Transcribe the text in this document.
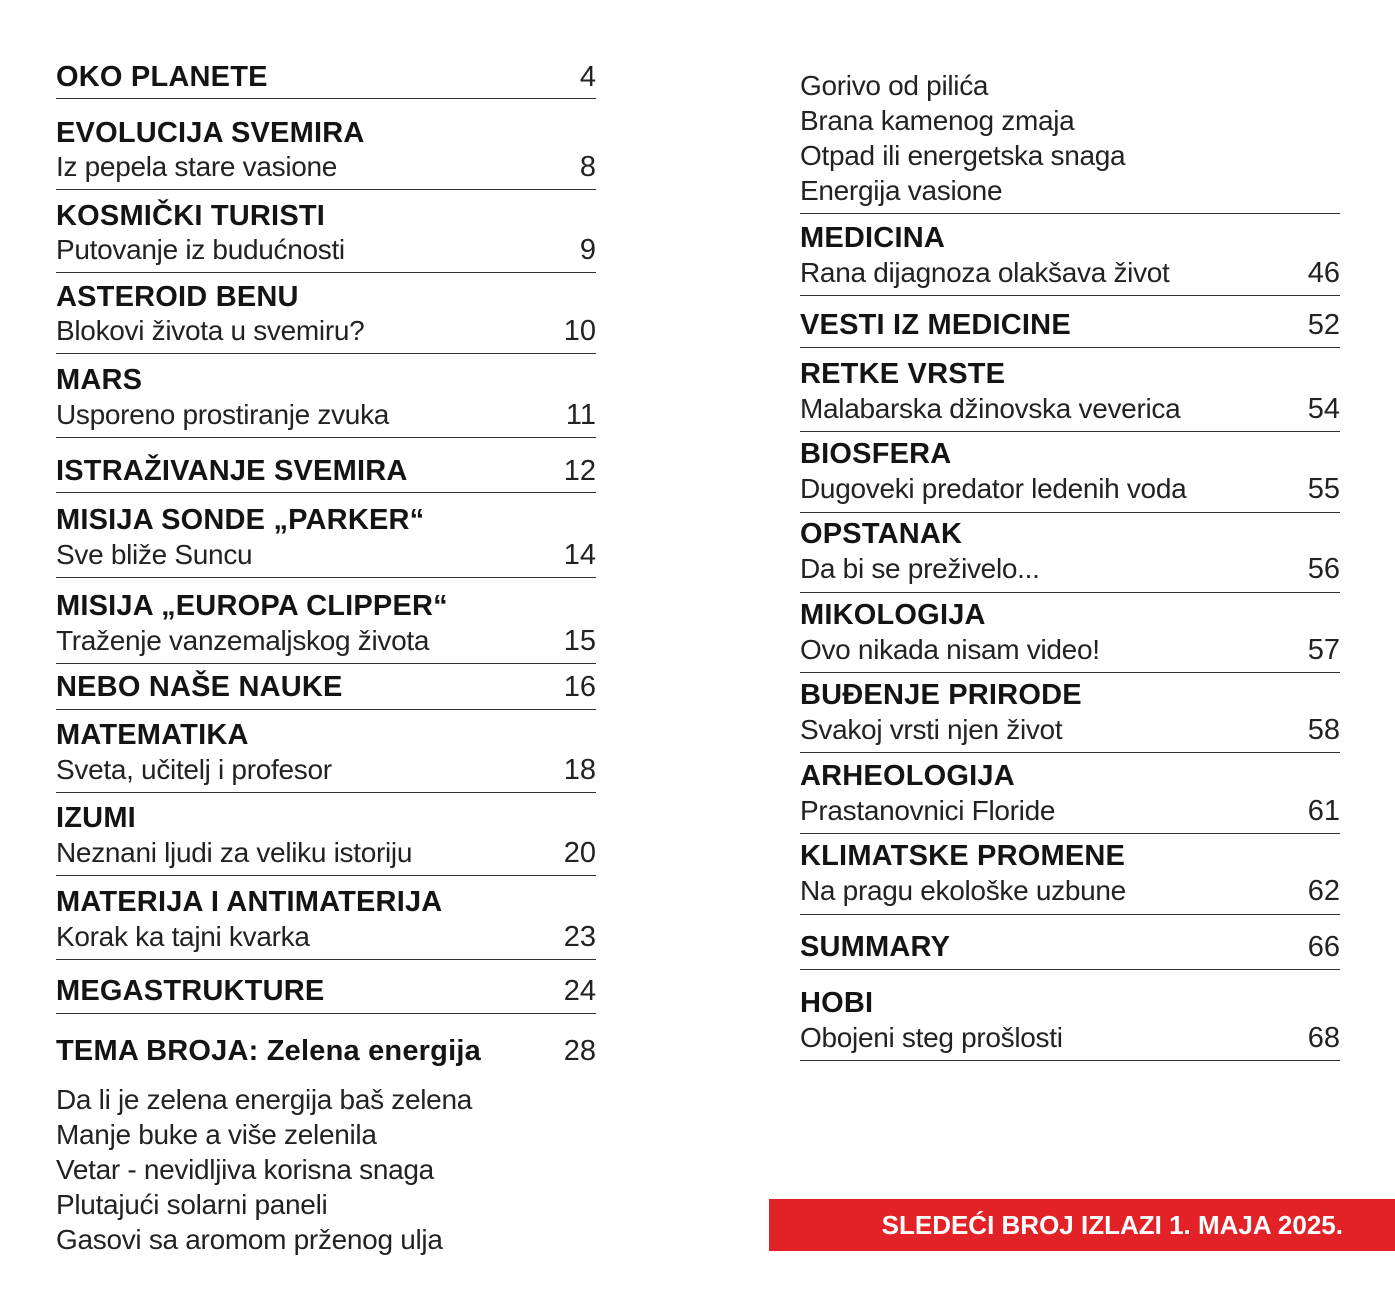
OKO PLANETE	4
EVOLUCIJA SVEMIRA
Iz pepela stare vasione	8
KOSMIČKI TURISTI
Putovanje iz budućnosti	9
ASTEROID BENU
Blokovi života u svemiru?	10
MARS
Usporeno prostiranje zvuka	11
ISTRAŽIVANJE SVEMIRA	12
MISIJA SONDE „PARKER“
Sve bliže Suncu	14
MISIJA „EUROPA CLIPPER“
Traženje vanzemaljskog života	15
NEBO NAŠE NAUKE	16
MATEMATIKA
Sveta, učitelj i profesor	18
IZUMI
Neznani ljudi za veliku istoriju	20
MATERIJA I ANTIMATERIJA
Korak ka tajni kvarka	23
MEGASTRUKTURE	24
TEMA BROJA: Zelena energija	28
Da li je zelena energija baš zelena
Manje buke a više zelenila
Vetar - nevidljiva korisna snaga
Plutajući solarni paneli
Gasovi sa aromom prženog ulja
Gorivo od pilića
Brana kamenog zmaja
Otpad ili energetska snaga
Energija vasione
MEDICINA
Rana dijagnoza olakšava život	46
VESTI IZ MEDICINE	52
RETKE VRSTE
Malabarska džinovska veverica	54
BIOSFERA
Dugoveki predator ledenih voda	55
OPSTANAK
Da bi se preživelo...	56
MIKOLOGIJA
Ovo nikada nisam video!	57
BUĐENJE PRIRODE
Svakoj vrsti njen život	58
ARHEOLOGIJA
Prastanovnici Floride	61
KLIMATSKE PROMENE
Na pragu ekološke uzbune	62
SUMMARY	66
HOBI
Obojeni steg prošlosti	68
SLEDEĆI BROJ IZLAZI 1. MAJA 2025.
